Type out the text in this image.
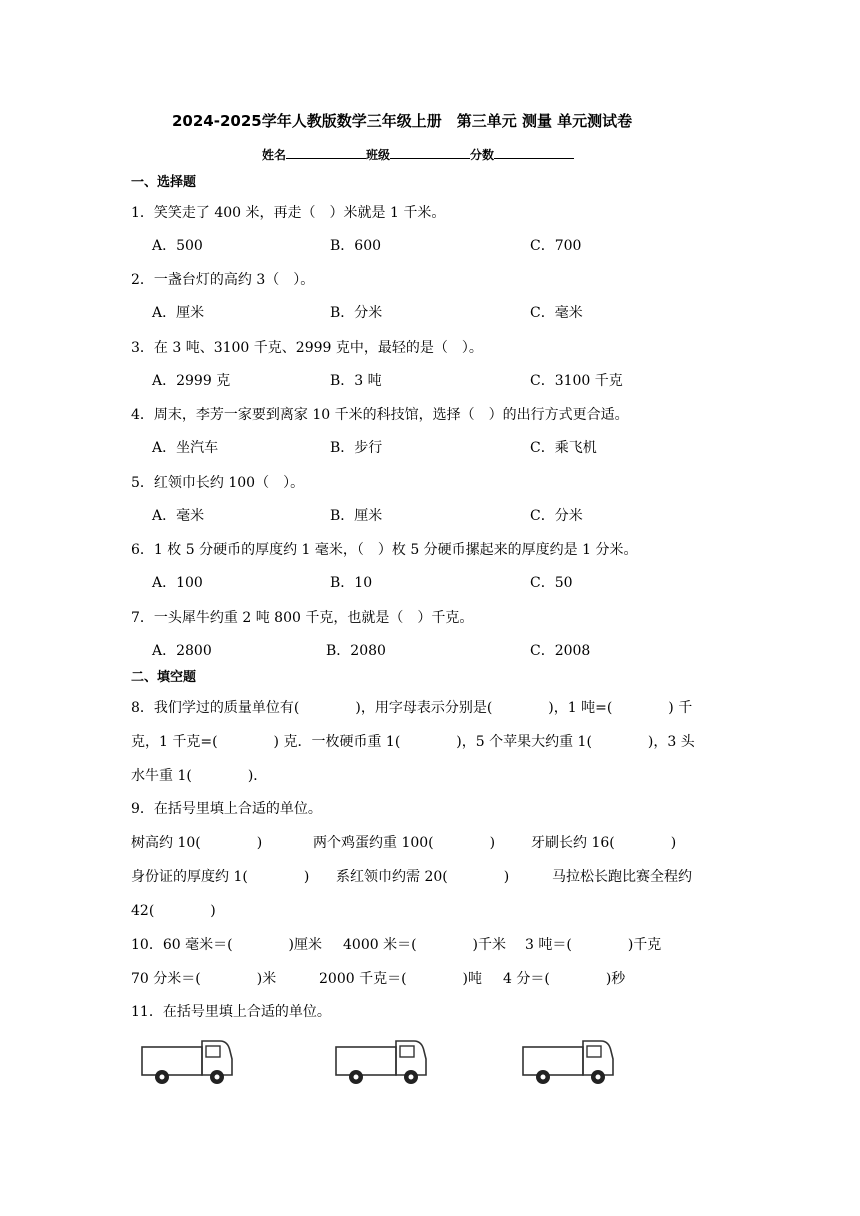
2024-2025学年人教版数学三年级上册　第三单元 测量 单元测试卷
姓名	班级	分数
一、选择题
1．笑笑走了 400 米，再走（　）米就是 1 千米。
A．500	B．600	C．700
2．一盏台灯的高约 3（　）。
A．厘米	B．分米	C．毫米
3．在 3 吨、3100 千克、2999 克中，最轻的是（　）。
A．2999 克	B．3 吨	C．3100 千克
4．周末，李芳一家要到离家 10 千米的科技馆，选择（　）的出行方式更合适。
A．坐汽车	B．步行	C．乘飞机
5．红领巾长约 100（　）。
A．毫米	B．厘米	C．分米
6．1 枚 5 分硬币的厚度约 1 毫米，（　）枚 5 分硬币摞起来的厚度约是 1 分米。
A．100	B．10	C．50
7．一头犀牛约重 2 吨 800 千克，也就是（　）千克。
A．2800	B．2080	C．2008
二、填空题
8．我们学过的质量单位有(　　　　)，用字母表示分别是(　　　　)，1 吨=(　　　　) 千
克，1 千克=(　　　　) 克．一枚硬币重 1(　　　　)，5 个苹果大约重 1(　　　　)，3 头
水牛重 1(　　　　)．
9．在括号里填上合适的单位。
树高约 10(　　　　)	两个鸡蛋约重 100(　　　　)	牙刷长约 16(　　　　)
身份证的厚度约 1(　　　　) 系红领巾约需 20(　　　　)	马拉松长跑比赛全程约
42(　　　　)
10．60 毫米＝(　　　　)厘米 4000 米＝(　　　　)千米 3 吨＝(　　　　)千克
70 分米＝(　　　　)米	2000 千克＝(　　　　)吨 4 分＝(　　　　)秒
11．在括号里填上合适的单位。
